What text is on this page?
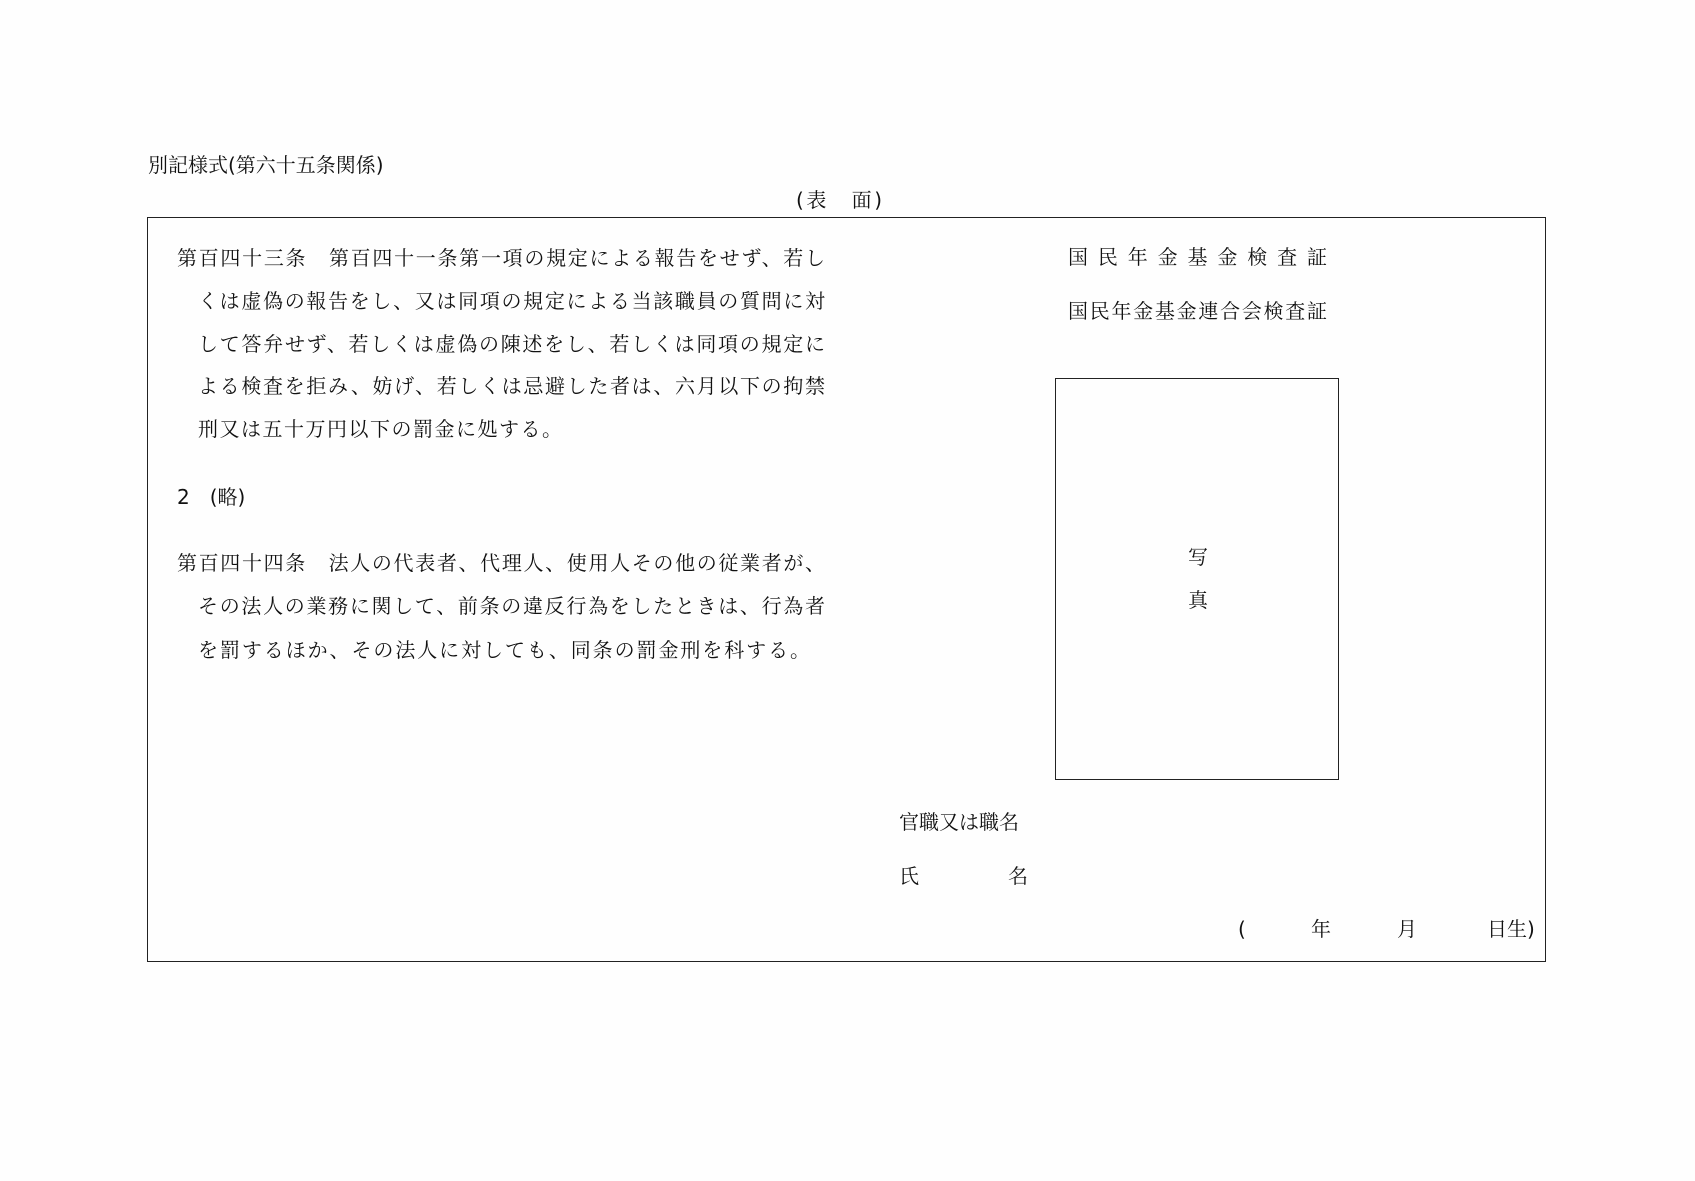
別記様式(第六十五条関係)
(表　面)
第百四十三条　第百四十一条第一項の規定による報告をせず、若し
くは虚偽の報告をし、又は同項の規定による当該職員の質問に対
して答弁せず、若しくは虚偽の陳述をし、若しくは同項の規定に
よる検査を拒み、妨げ、若しくは忌避した者は、六月以下の拘禁
刑又は五十万円以下の罰金に処する。
2　(略)
第百四十四条　法人の代表者、代理人、使用人その他の従業者が、
その法人の業務に関して、前条の違反行為をしたときは、行為者
を罰するほか、その法人に対しても、同条の罰金刑を科する。
国民年金基金検査証
国民年金基金連合会検査証
写
真
官職又は職名
氏	名
(	年	月	日生)
